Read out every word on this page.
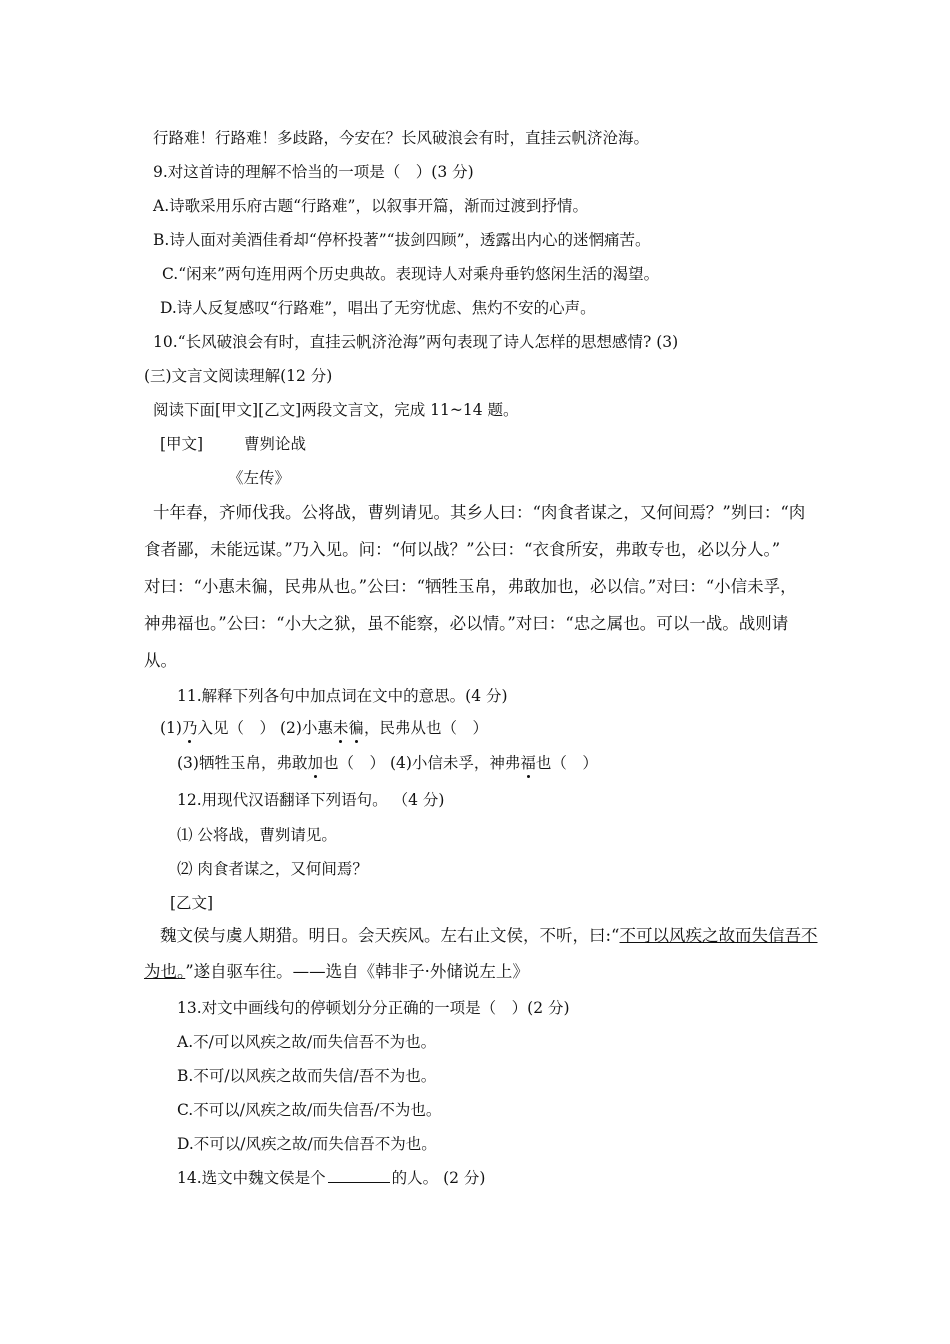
行路难！行路难！多歧路，今安在？长风破浪会有时，直挂云帆济沧海。
9.对这首诗的理解不恰当的一项是（　）(3 分)
A.诗歌采用乐府古题“行路难”，以叙事开篇，渐而过渡到抒情。
B.诗人面对美酒佳肴却“停杯投著”“拔剑四顾”，透露出内心的迷惘痛苦。
C.“闲来”两句连用两个历史典故。表现诗人对乘舟垂钓悠闲生活的渴望。
D.诗人反复感叹“行路难”，唱出了无穷忧虑、焦灼不安的心声。
10.“长风破浪会有时，直挂云帆济沧海”两句表现了诗人怎样的思想感情? (3)
(三)文言文阅读理解(12 分)
阅读下面[甲文][乙文]两段文言文，完成 11~14 题。
[甲文]	曹刿论战
《左传》
十年春，齐师伐我。公将战，曹刿请见。其乡人曰：“肉食者谋之，又何间焉？”刿曰：“肉
食者鄙，未能远谋。”乃入见。问：“何以战？”公曰：“衣食所安，弗敢专也，必以分人。”
对曰：“小惠未徧，民弗从也。”公曰：“牺牲玉帛，弗敢加也，必以信。”对曰：“小信未孚，
神弗福也。”公曰：“小大之狱，虽不能察，必以情。”对曰：“忠之属也。可以一战。战则请
从。
11.解释下列各句中加点词在文中的意思。(4 分)
(1)乃入见（　） (2)小惠未徧，民弗从也（　）
(3)牺牲玉帛，弗敢加也（　） (4)小信未孚，神弗福也（　）
12.用现代汉语翻译下列语句。 （4 分)
⑴ 公将战，曹刿请见。
⑵ 肉食者谋之，又何间焉？
[乙文]
魏文侯与虞人期猎。明日。会天疾风。左右止文侯，不听，曰:“不可以风疾之故而失信吾不
为也。”遂自驱车往。——选自《韩非子·外储说左上》
13.对文中画线句的停顿划分分正确的一项是（　）(2 分)
A.不/可以风疾之故/而失信吾不为也。
B.不可/以风疾之故而失信/吾不为也。
C.不可以/风疾之故/而失信吾/不为也。
D.不可以/风疾之故/而失信吾不为也。
14.选文中魏文侯是个	的人。 (2 分)
